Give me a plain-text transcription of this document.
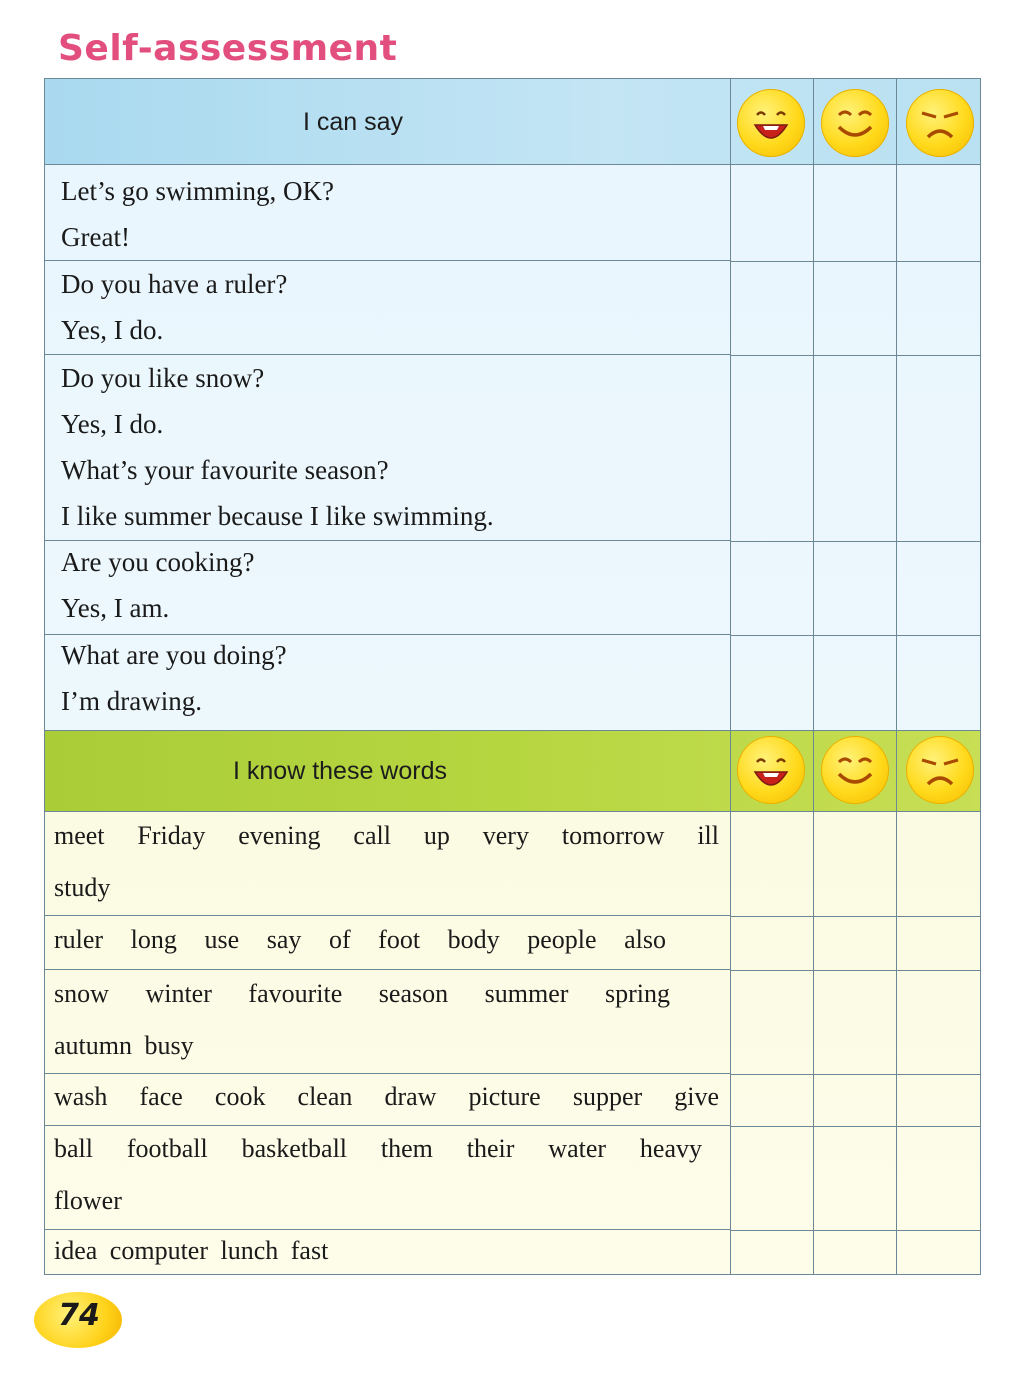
Self-assessment
I can say
Let’s go swimming, OK?
Great!
Do you have a ruler?
Yes, I do.
Do you like snow?
Yes, I do.
What’s your favourite season?
I like summer because I like swimming.
Are you cooking?
Yes, I am.
What are you doing?
I’m drawing.
I know these words
meet Friday evening call up very tomorrow ill
study
ruler long use say of foot body people also
snow winter favourite season summer spring
autumn busy
wash face cook clean draw picture supper give
ball football basketball them their water heavy
flower
idea computer lunch fast
74
